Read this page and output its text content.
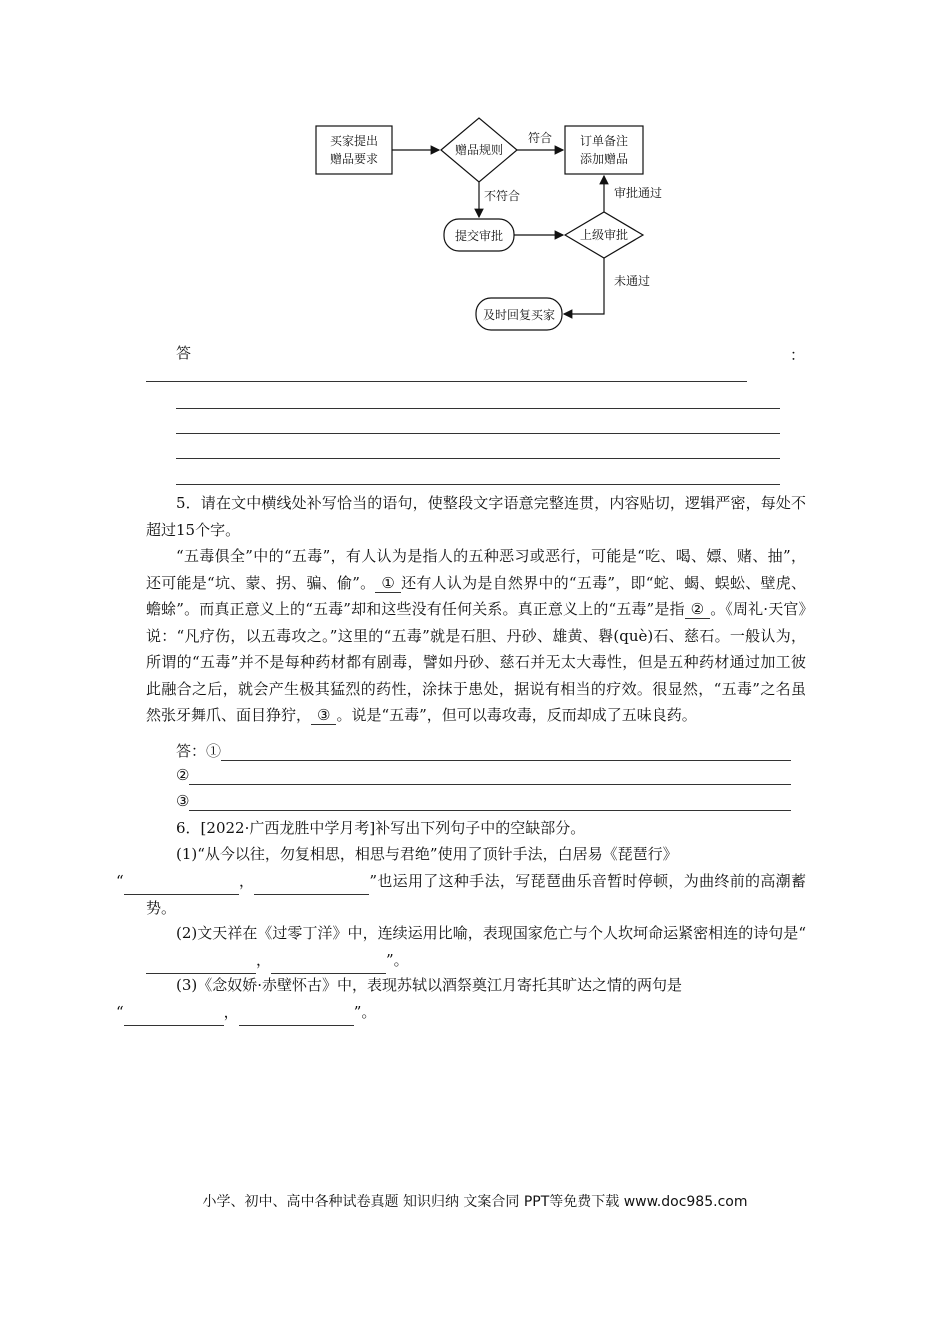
买家提出
赠品要求
赠品规则
符合 订单备注
添加赠品
不符合
提交审批	上级审批
审批通过
未通过
及时回复买家
答	：
5．请在文中横线处补写恰当的语句，使整段文字语意完整连贯，内容贴切，逻辑严密，每处不超过15个字。
“五毒俱全”中的“五毒”，有人认为是指人的五种恶习或恶行，可能是“吃、喝、嫖、赌、抽”，还可能是“坑、蒙、拐、骗、偷”。 ① 还有人认为是自然界中的“五毒”，即“蛇、蝎、蜈蚣、壁虎、蟾蜍”。而真正意义上的“五毒”却和这些没有任何关系。真正意义上的“五毒”是指 ② 。《周礼·天官》说：“凡疗伤，以五毒攻之。”这里的“五毒”就是石胆、丹砂、雄黄、礜(què)石、慈石。一般认为，所谓的“五毒”并不是每种药材都有剧毒，譬如丹砂、慈石并无太大毒性，但是五种药材通过加工彼此融合之后，就会产生极其猛烈的药性，涂抹于患处，据说有相当的疗效。很显然，“五毒”之名虽然张牙舞爪、面目狰狞， ③ 。说是“五毒”，但可以毒攻毒，反而却成了五味良药。
答：①
②
③
6．[2022·广西龙胜中学月考]补写出下列句子中的空缺部分。
(1)“从今以往，勿复相思，相思与君绝”使用了顶针手法，白居易《琵琶行》
“	，	”也运用了这种手法，写琵琶曲乐音暂时停顿，为曲终前的高潮蓄势。
(2)文天祥在《过零丁洋》中，连续运用比喻，表现国家危亡与个人坎坷命运紧密相连的诗句是“ ，	”。
(3)《念奴娇·赤壁怀古》中，表现苏轼以酒祭奠江月寄托其旷达之情的两句是
“	，	”。
小学、初中、高中各种试卷真题 知识归纳 文案合同 PPT等免费下载 www.doc985.com
